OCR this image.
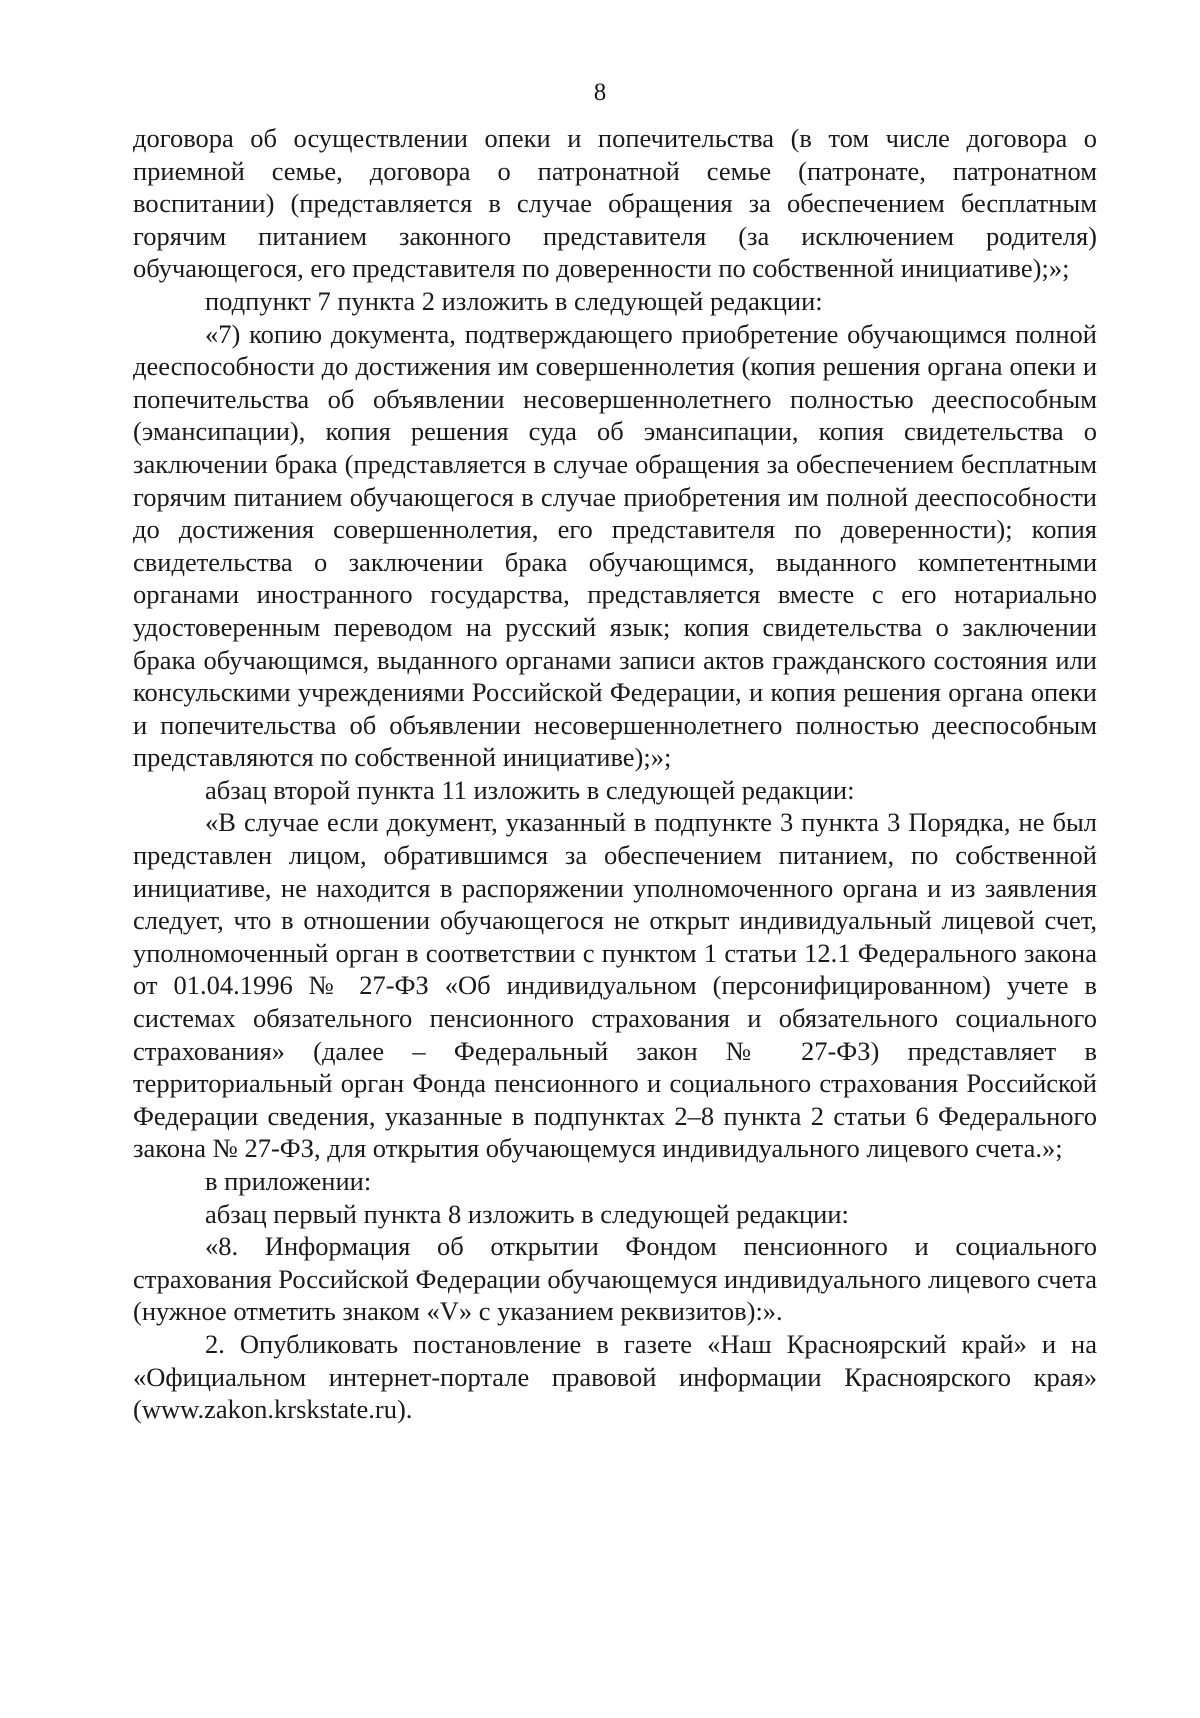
8

договора об осуществлении опеки и попечительства (в том числе договора о приемной семье, договора о патронатной семье (патронате, патронатном воспитании) (представляется в случае обращения за обеспечением бесплатным горячим питанием законного представителя (за исключением родителя) обучающегося, его представителя по доверенности по собственной инициативе);»;

подпункт 7 пункта 2 изложить в следующей редакции:

«7) копию документа, подтверждающего приобретение обучающимся полной дееспособности до достижения им совершеннолетия (копия решения органа опеки и попечительства об объявлении несовершеннолетнего полностью дееспособным (эмансипации), копия решения суда об эмансипации, копия свидетельства о заключении брака (представляется в случае обращения за обеспечением бесплатным горячим питанием обучающегося в случае приобретения им полной дееспособности до достижения совершеннолетия, его представителя по доверенности); копия свидетельства о заключении брака обучающимся, выданного компетентными органами иностранного государства, представляется вместе с его нотариально удостоверенным переводом на русский язык; копия свидетельства о заключении брака обучающимся, выданного органами записи актов гражданского состояния или консульскими учреждениями Российской Федерации, и копия решения органа опеки и попечительства об объявлении несовершеннолетнего полностью дееспособным представляются по собственной инициативе);»;

абзац второй пункта 11 изложить в следующей редакции:

«В случае если документ, указанный в подпункте 3 пункта 3 Порядка, не был представлен лицом, обратившимся за обеспечением питанием, по собственной инициативе, не находится в распоряжении уполномоченного органа и из заявления следует, что в отношении обучающегося не открыт индивидуальный лицевой счет, уполномоченный орган в соответствии с пунктом 1 статьи 12.1 Федерального закона от 01.04.1996 № 27-ФЗ «Об индивидуальном (персонифицированном) учете в системах обязательного пенсионного страхования и обязательного социального страхования» (далее – Федеральный закон № 27-ФЗ) представляет в территориальный орган Фонда пенсионного и социального страхования Российской Федерации сведения, указанные в подпунктах 2–8 пункта 2 статьи 6 Федерального закона № 27-ФЗ, для открытия обучающемуся индивидуального лицевого счета.»;

в приложении:

абзац первый пункта 8 изложить в следующей редакции:

«8. Информация об открытии Фондом пенсионного и социального страхования Российской Федерации обучающемуся индивидуального лицевого счета (нужное отметить знаком «V» с указанием реквизитов):».

2. Опубликовать постановление в газете «Наш Красноярский край» и на «Официальном интернет-портале правовой информации Красноярского края» (www.zakon.krskstate.ru).
